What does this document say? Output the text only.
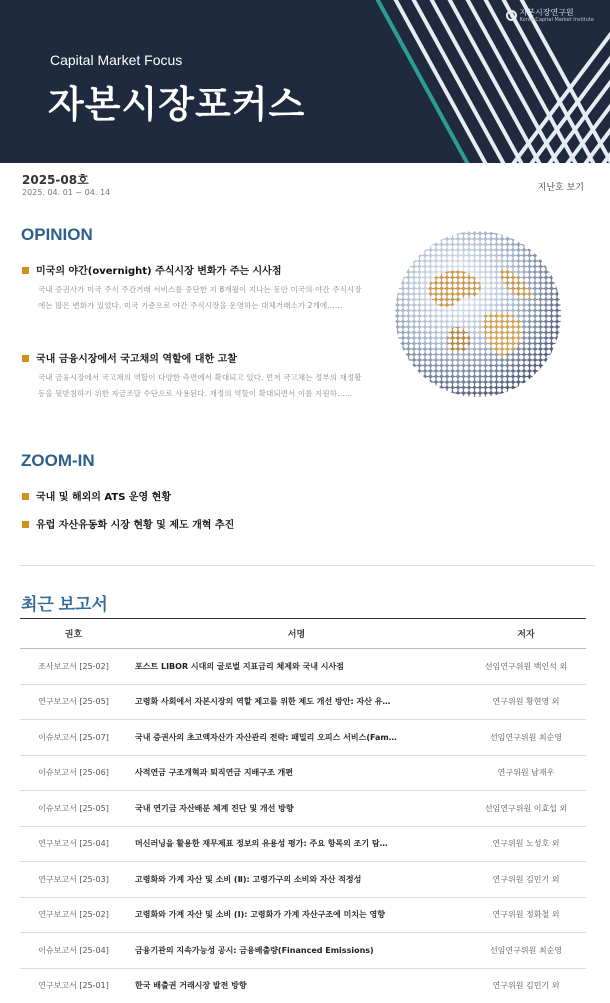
자본시장연구원
Korea Capital Market Institute
Capital Market Focus
자본시장포커스
2025-08호
2025. 04. 01 ~ 04. 14	지난호 보기
OPINION
미국의 야간(overnight) 주식시장 변화가 주는 시사점
국내 증권사가 미국 주식 주간거래 서비스를 중단한 지 8개월이 지나는 동안 미국의 야간 주식시장에는 많은 변화가 있었다. 미국 기준으로 야간 주식시장을 운영하는 대체거래소가 2개에……
국내 금융시장에서 국고채의 역할에 대한 고찰
국내 금융시장에서 국고채의 역할이 다양한 측면에서 확대되고 있다. 먼저 국고채는 정부의 재정활동을 뒷받침하기 위한 자금조달 수단으로 사용된다. 재정의 역할이 확대되면서 이를 지원하……
ZOOM-IN
국내 및 해외의 ATS 운영 현황
유럽 자산유동화 시장 현황 및 제도 개혁 추진
최근 보고서
권호	서명	저자
조사보고서 [25-02]	포스트 LIBOR 시대의 글로벌 지표금리 체제와 국내 시사점	선임연구위원 백인석 외
연구보고서 [25-05]	고령화 사회에서 자본시장의 역할 제고를 위한 제도 개선 방안: 자산 유…	연구위원 황현영 외
이슈보고서 [25-07]	국내 증권사의 초고액자산가 자산관리 전략: 패밀리 오피스 서비스(Fam…	선임연구위원 최순영
이슈보고서 [25-06]	사적연금 구조개혁과 퇴직연금 지배구조 개편	연구위원 남재우
이슈보고서 [25-05]	국내 연기금 자산배분 체계 진단 및 개선 방향	선임연구위원 이효섭 외
연구보고서 [25-04]	머신러닝을 활용한 재무제표 정보의 유용성 평가: 주요 항목의 조기 탐…	연구위원 노성호 외
연구보고서 [25-03]	고령화와 가계 자산 및 소비 (Ⅱ): 고령가구의 소비와 자산 적정성	연구위원 김민기 외
연구보고서 [25-02]	고령화와 가계 자산 및 소비 (Ⅰ): 고령화가 가계 자산구조에 미치는 영향	연구위원 정화철 외
이슈보고서 [25-04]	금융기관의 지속가능성 공시: 금융배출량(Financed Emissions)	선임연구위원 최순영
연구보고서 [25-01]	한국 배출권 거래시장 발전 방향	연구위원 김민기 외
